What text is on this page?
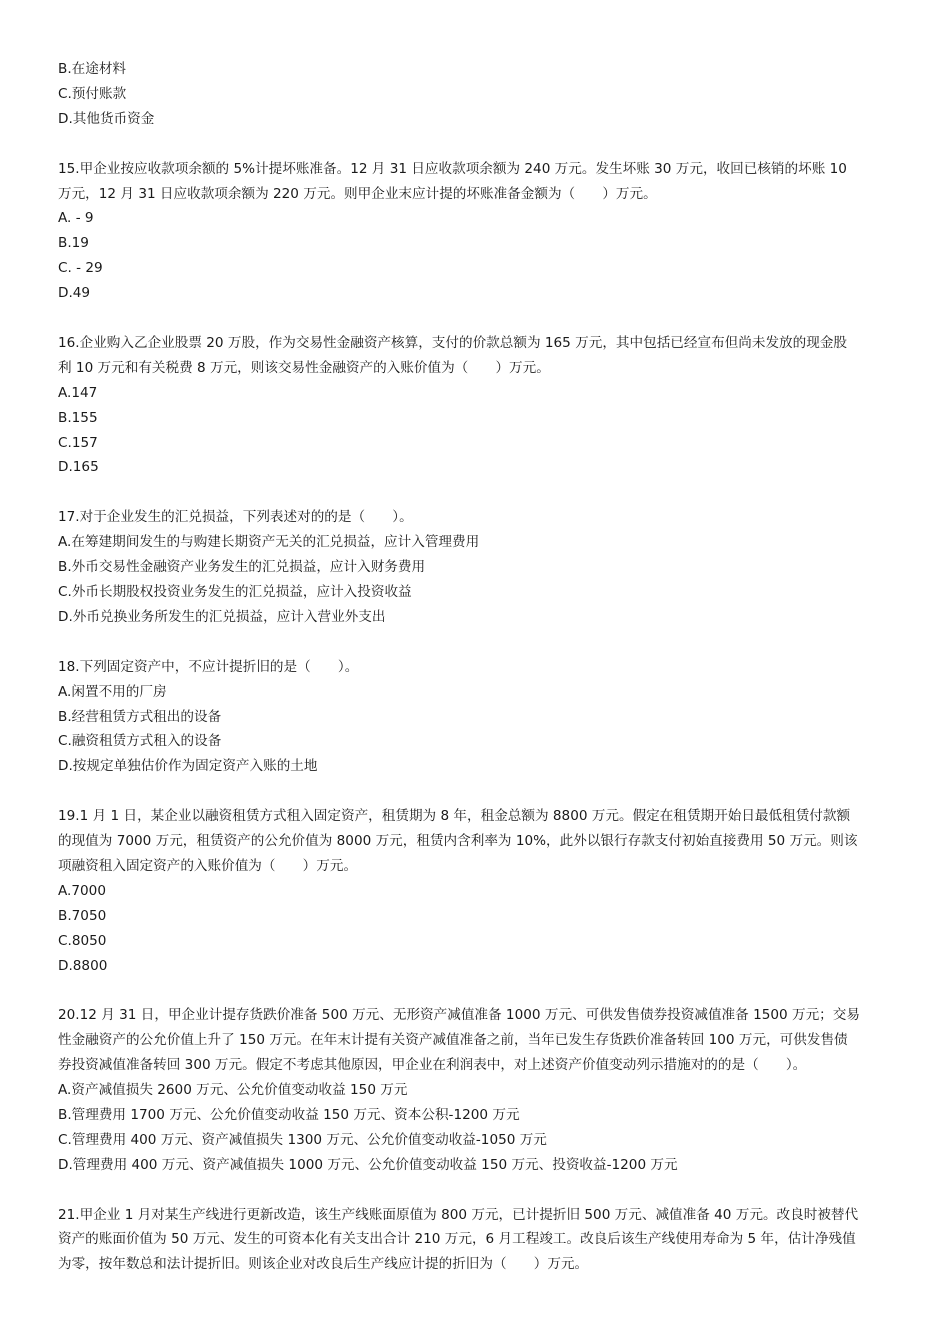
B.在途材料
C.预付账款
D.其他货币资金
15.甲企业按应收款项余额的 5%计提坏账准备。12 月 31 日应收款项余额为 240 万元。发生坏账 30 万元，收回已核销的坏账 10
万元，12 月 31 日应收款项余额为 220 万元。则甲企业末应计提的坏账准备金额为（　　）万元。
A. - 9
B.19
C. - 29
D.49
16.企业购入乙企业股票 20 万股，作为交易性金融资产核算，支付的价款总额为 165 万元，其中包括已经宣布但尚未发放的现金股
利 10 万元和有关税费 8 万元，则该交易性金融资产的入账价值为（　　）万元。
A.147
B.155
C.157
D.165
17.对于企业发生的汇兑损益，下列表述对的的是（　　）。
A.在筹建期间发生的与购建长期资产无关的汇兑损益，应计入管理费用
B.外币交易性金融资产业务发生的汇兑损益，应计入财务费用
C.外币长期股权投资业务发生的汇兑损益，应计入投资收益
D.外币兑换业务所发生的汇兑损益，应计入营业外支出
18.下列固定资产中，不应计提折旧的是（　　）。
A.闲置不用的厂房
B.经营租赁方式租出的设备
C.融资租赁方式租入的设备
D.按规定单独估价作为固定资产入账的土地
19.1 月 1 日，某企业以融资租赁方式租入固定资产，租赁期为 8 年，租金总额为 8800 万元。假定在租赁期开始日最低租赁付款额
的现值为 7000 万元，租赁资产的公允价值为 8000 万元，租赁内含利率为 10%，此外以银行存款支付初始直接费用 50 万元。则该
项融资租入固定资产的入账价值为（　　）万元。
A.7000
B.7050
C.8050
D.8800
20.12 月 31 日，甲企业计提存货跌价准备 500 万元、无形资产减值准备 1000 万元、可供发售债券投资减值准备 1500 万元；交易
性金融资产的公允价值上升了 150 万元。在年末计提有关资产减值准备之前，当年已发生存货跌价准备转回 100 万元，可供发售债
券投资减值准备转回 300 万元。假定不考虑其他原因，甲企业在利润表中，对上述资产价值变动列示措施对的的是（　　）。
A.资产减值损失 2600 万元、公允价值变动收益 150 万元
B.管理费用 1700 万元、公允价值变动收益 150 万元、资本公积-1200 万元
C.管理费用 400 万元、资产减值损失 1300 万元、公允价值变动收益-1050 万元
D.管理费用 400 万元、资产减值损失 1000 万元、公允价值变动收益 150 万元、投资收益-1200 万元
21.甲企业 1 月对某生产线进行更新改造，该生产线账面原值为 800 万元，已计提折旧 500 万元、减值准备 40 万元。改良时被替代
资产的账面价值为 50 万元、发生的可资本化有关支出合计 210 万元，6 月工程竣工。改良后该生产线使用寿命为 5 年，估计净残值
为零，按年数总和法计提折旧。则该企业对改良后生产线应计提的折旧为（　　）万元。
